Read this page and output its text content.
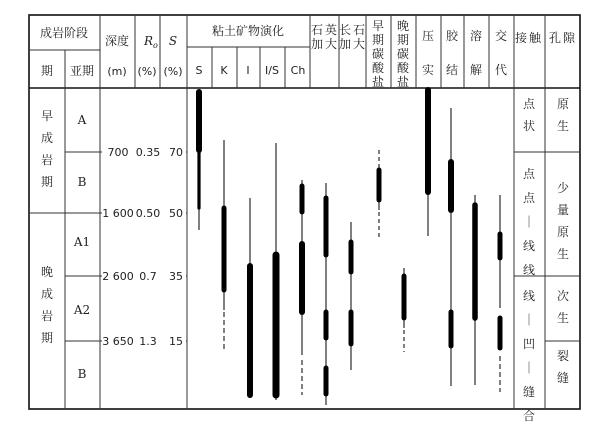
成岩阶段
期 亚期
深度
(m)
$R_o$
(%)
S
(%)
粘土矿物演化
S K I I/S Ch
石
加
英
大
长
加
石
大
早
期
碳
酸
盐
晚
期
碳
酸
盐
压
实
胶
结
溶
解
交
代
接触 孔隙
早
成
岩
期
晚
成
岩
期
A
B
A1
A2
B
700 0.35 70
1 600 0.50 50
2 600 0.7 35
3 650 1.3 15
点
状
点
点
｜
线
线
线
｜
凹
｜
缝
合
原
生
少
量
原
生
次
生
裂
缝
